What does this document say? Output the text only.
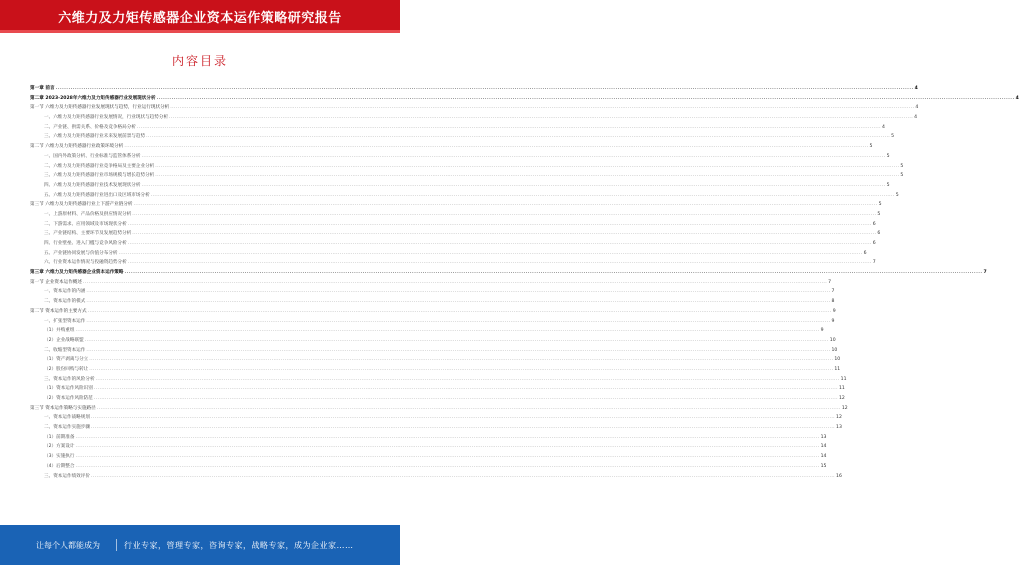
六维力及力矩传感器企业资本运作策略研究报告
内容目录
第一章 前言 ................................................................................................................................................................................................................................................................................................................................................................................................................ 4
第二章 2023-2028年六维力及力矩传感器行业发展现状分析 ................................................................................................................................................................................................................................................................................................................................................................................................................ 4
第一节 六维力及力矩传感器行业发展现状与趋势，行业运行现状分析 ................................................................................................................................................................................................................................................................................................................................................................................................................ 4
一、六维力及力矩传感器行业发展情况，行业现状与趋势分析 ................................................................................................................................................................................................................................................................................................................................................................................................................ 4
二、产业链、供需关系、价格及竞争格局分析 ................................................................................................................................................................................................................................................................................................................................................................................................................ 4
三、六维力及力矩传感器行业未来发展前景与趋势 ................................................................................................................................................................................................................................................................................................................................................................................................................ 5
第二节 六维力及力矩传感器行业政策环境分析 ................................................................................................................................................................................................................................................................................................................................................................................................................ 5
一、国内外政策分析、行业标准与监管体系分析 ................................................................................................................................................................................................................................................................................................................................................................................................................ 5
二、六维力及力矩传感器行业竞争格局及主要企业分析 ................................................................................................................................................................................................................................................................................................................................................................................................................ 5
三、六维力及力矩传感器行业市场规模与增长趋势分析 ................................................................................................................................................................................................................................................................................................................................................................................................................ 5
四、六维力及力矩传感器行业技术发展现状分析 ................................................................................................................................................................................................................................................................................................................................................................................................................ 5
五、六维力及力矩传感器行业进出口及区域市场分析 ................................................................................................................................................................................................................................................................................................................................................................................................................ 5
第三节 六维力及力矩传感器行业上下游产业链分析 ................................................................................................................................................................................................................................................................................................................................................................................................................ 5
一、上游原材料、产品价格及供应情况分析 ................................................................................................................................................................................................................................................................................................................................................................................................................ 5
二、下游需求、应用领域及市场现状分析 ................................................................................................................................................................................................................................................................................................................................................................................................................ 6
三、产业链结构、主要环节及发展趋势分析 ................................................................................................................................................................................................................................................................................................................................................................................................................ 6
四、行业壁垒、进入门槛与竞争风险分析 ................................................................................................................................................................................................................................................................................................................................................................................................................ 6
五、产业链协同发展与价值分布分析 ................................................................................................................................................................................................................................................................................................................................................................................................................ 6
六、行业资本运作情况与投融资趋势分析 ................................................................................................................................................................................................................................................................................................................................................................................................................ 7
第三章 六维力及力矩传感器企业资本运作策略 ................................................................................................................................................................................................................................................................................................................................................................................................................ 7
第一节 企业资本运作概述 ................................................................................................................................................................................................................................................................................................................................................................................................................ 7
一、资本运作的内涵 ................................................................................................................................................................................................................................................................................................................................................................................................................ 7
二、资本运作的模式 ................................................................................................................................................................................................................................................................................................................................................................................................................ 8
第二节 资本运作的主要方式 ................................................................................................................................................................................................................................................................................................................................................................................................................ 9
一、扩张型资本运作 ................................................................................................................................................................................................................................................................................................................................................................................................................ 9
（1）并购重组 ................................................................................................................................................................................................................................................................................................................................................................................................................ 9
（2）企业战略联盟 ................................................................................................................................................................................................................................................................................................................................................................................................................ 10
二、收缩型资本运作 ................................................................................................................................................................................................................................................................................................................................................................................................................ 10
（1）资产剥离与分立 ................................................................................................................................................................................................................................................................................................................................................................................................................ 10
（2）股份回购与转让 ................................................................................................................................................................................................................................................................................................................................................................................................................ 11
三、资本运作的风险分析 ................................................................................................................................................................................................................................................................................................................................................................................................................ 11
（1）资本运作风险识别 ................................................................................................................................................................................................................................................................................................................................................................................................................ 11
（2）资本运作风险防范 ................................................................................................................................................................................................................................................................................................................................................................................................................ 12
第三节 资本运作策略与实施路径 ................................................................................................................................................................................................................................................................................................................................................................................................................ 12
一、资本运作战略规划 ................................................................................................................................................................................................................................................................................................................................................................................................................ 12
二、资本运作实施步骤 ................................................................................................................................................................................................................................................................................................................................................................................................................ 13
（1）前期准备 ................................................................................................................................................................................................................................................................................................................................................................................................................ 13
（2）方案设计 ................................................................................................................................................................................................................................................................................................................................................................................................................ 14
（3）实施执行 ................................................................................................................................................................................................................................................................................................................................................................................................................ 14
（4）后期整合 ................................................................................................................................................................................................................................................................................................................................................................................................................ 15
三、资本运作绩效评价 ................................................................................................................................................................................................................................................................................................................................................................................................................ 16
让每个人都能成为	行业专家，管理专家，咨询专家，战略专家，成为企业家……
